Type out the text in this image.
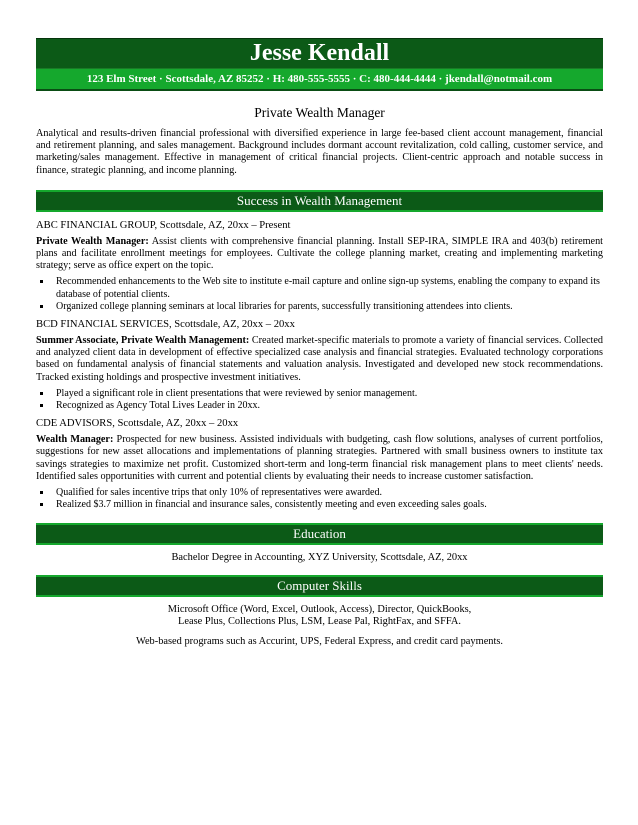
Jesse Kendall
123 Elm Street · Scottsdale, AZ 85252 · H: 480-555-5555 · C: 480-444-4444 · jkendall@notmail.com
Private Wealth Manager
Analytical and results-driven financial professional with diversified experience in large fee-based client account management, financial and retirement planning, and sales management. Background includes dormant account revitalization, cold calling, customer service, and marketing/sales management. Effective in management of critical financial projects. Client-centric approach and notable success in finance, strategic planning, and income planning.
Success in Wealth Management
ABC FINANCIAL GROUP, Scottsdale, AZ, 20xx – Present
Private Wealth Manager: Assist clients with comprehensive financial planning. Install SEP-IRA, SIMPLE IRA and 403(b) retirement plans and facilitate enrollment meetings for employees. Cultivate the college planning market, creating and implementing marketing strategy; serve as office expert on the topic.
Recommended enhancements to the Web site to institute e-mail capture and online sign-up systems, enabling the company to expand its database of potential clients.
Organized college planning seminars at local libraries for parents, successfully transitioning attendees into clients.
BCD FINANCIAL SERVICES, Scottsdale, AZ, 20xx – 20xx
Summer Associate, Private Wealth Management: Created market-specific materials to promote a variety of financial services. Collected and analyzed client data in development of effective specialized case analysis and financial strategies. Evaluated technology corporations based on fundamental analysis of financial statements and valuation analysis. Investigated and developed new stock recommendations. Tracked existing holdings and prospective investment initiatives.
Played a significant role in client presentations that were reviewed by senior management.
Recognized as Agency Total Lives Leader in 20xx.
CDE ADVISORS, Scottsdale, AZ, 20xx – 20xx
Wealth Manager: Prospected for new business. Assisted individuals with budgeting, cash flow solutions, analyses of current portfolios, suggestions for new asset allocations and implementations of planning strategies. Partnered with small business owners to institute tax savings strategies to maximize net profit. Customized short-term and long-term financial risk management plans to meet clients' needs. Identified sales opportunities with current and potential clients by evaluating their needs to increase customer satisfaction.
Qualified for sales incentive trips that only 10% of representatives were awarded.
Realized $3.7 million in financial and insurance sales, consistently meeting and even exceeding sales goals.
Education
Bachelor Degree in Accounting, XYZ University, Scottsdale, AZ, 20xx
Computer Skills
Microsoft Office (Word, Excel, Outlook, Access), Director, QuickBooks,
Lease Plus, Collections Plus, LSM, Lease Pal, RightFax, and SFFA.
Web-based programs such as Accurint, UPS, Federal Express, and credit card payments.
